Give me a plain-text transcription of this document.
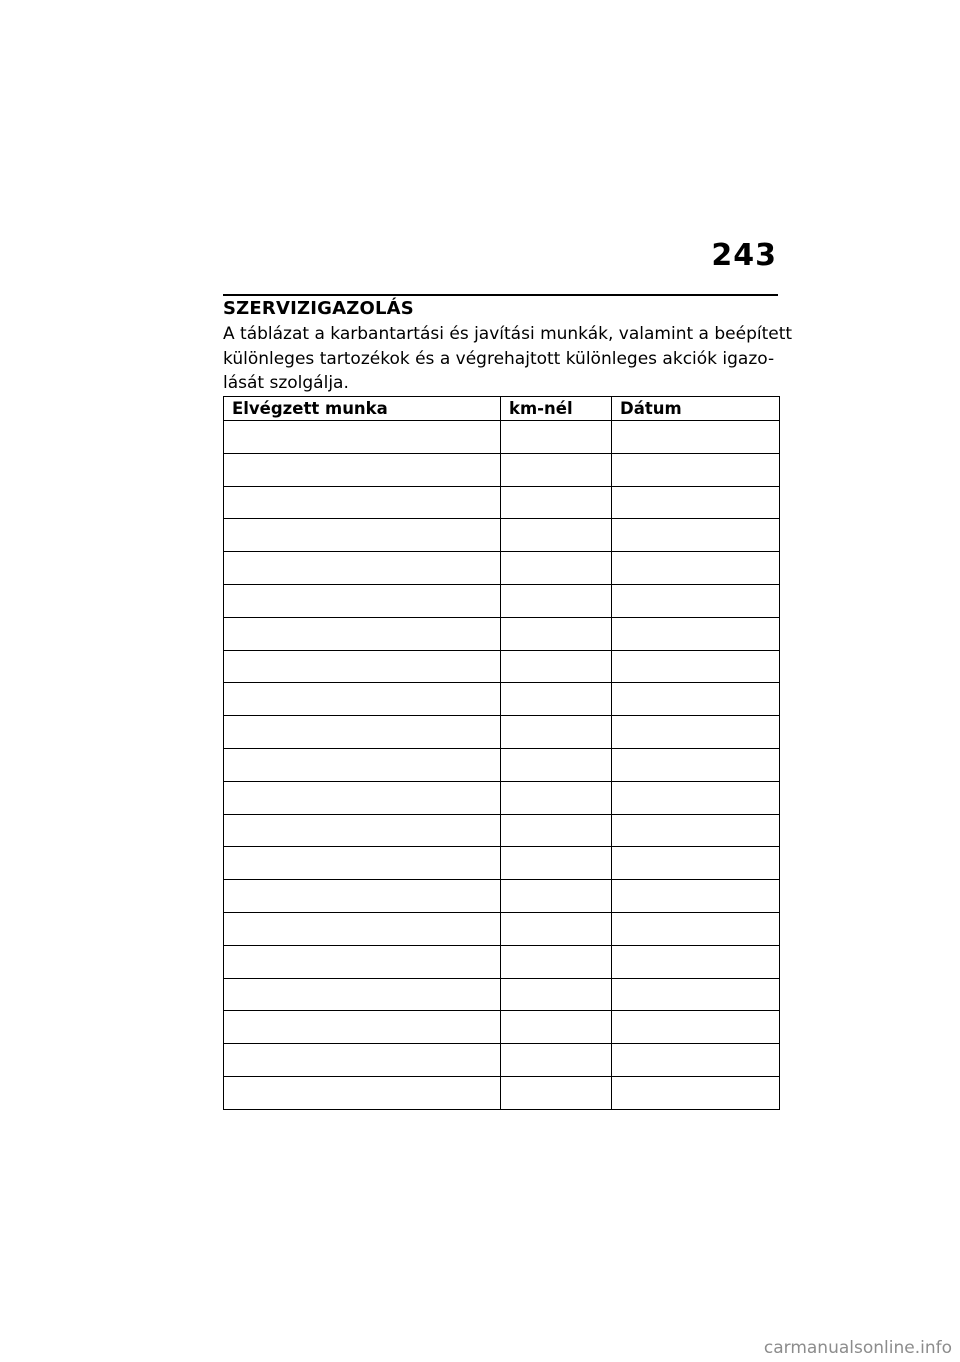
243
SZERVIZIGAZOLÁS
A táblázat a karbantartási és javítási munkák, valamint a beépített
különleges tartozékok és a végrehajtott különleges akciók igazo-
lását szolgálja.
Elvégzett munka	km-nél	Dátum

carmanualsonline.info
